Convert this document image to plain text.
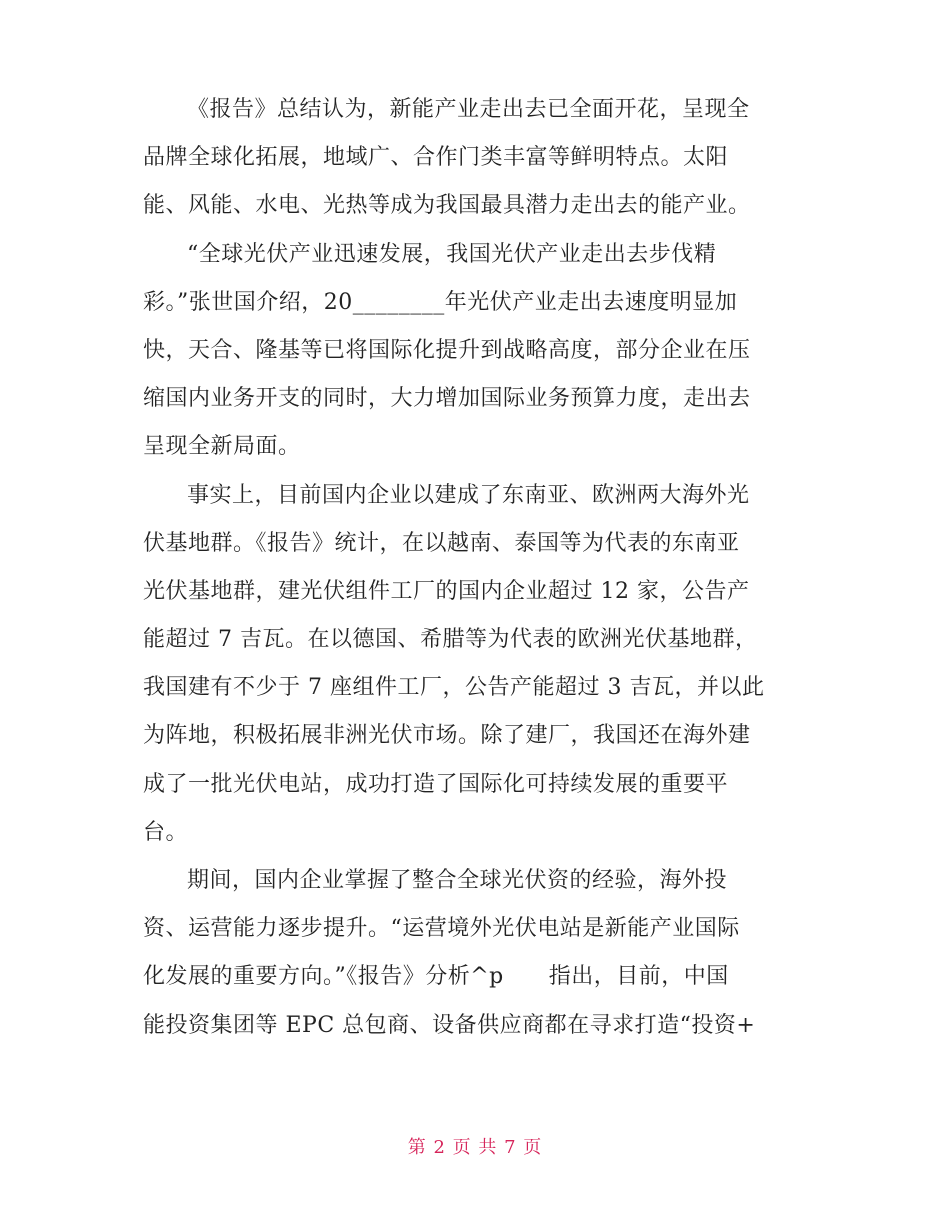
《报告》总结认为，新能产业走出去已全面开花，呈现全
品牌全球化拓展，地域广、合作门类丰富等鲜明特点。太阳
能、风能、水电、光热等成为我国最具潜力走出去的能产业。
“全球光伏产业迅速发展，我国光伏产业走出去步伐精
彩。”张世国介绍，20________年光伏产业走出去速度明显加
快，天合、隆基等已将国际化提升到战略高度，部分企业在压
缩国内业务开支的同时，大力增加国际业务预算力度，走出去
呈现全新局面。
事实上，目前国内企业以建成了东南亚、欧洲两大海外光
伏基地群。《报告》统计，在以越南、泰国等为代表的东南亚
光伏基地群，建光伏组件工厂的国内企业超过 12 家，公告产
能超过 7 吉瓦。在以德国、希腊等为代表的欧洲光伏基地群，
我国建有不少于 7 座组件工厂，公告产能超过 3 吉瓦，并以此
为阵地，积极拓展非洲光伏市场。除了建厂，我国还在海外建
成了一批光伏电站，成功打造了国际化可持续发展的重要平
台。
期间，国内企业掌握了整合全球光伏资的经验，海外投
资、运营能力逐步提升。“运营境外光伏电站是新能产业国际
化发展的重要方向。”《报告》分析^p      指出，目前，中国
能投资集团等 EPC 总包商、设备供应商都在寻求打造“投资+
第 2 页 共 7 页
